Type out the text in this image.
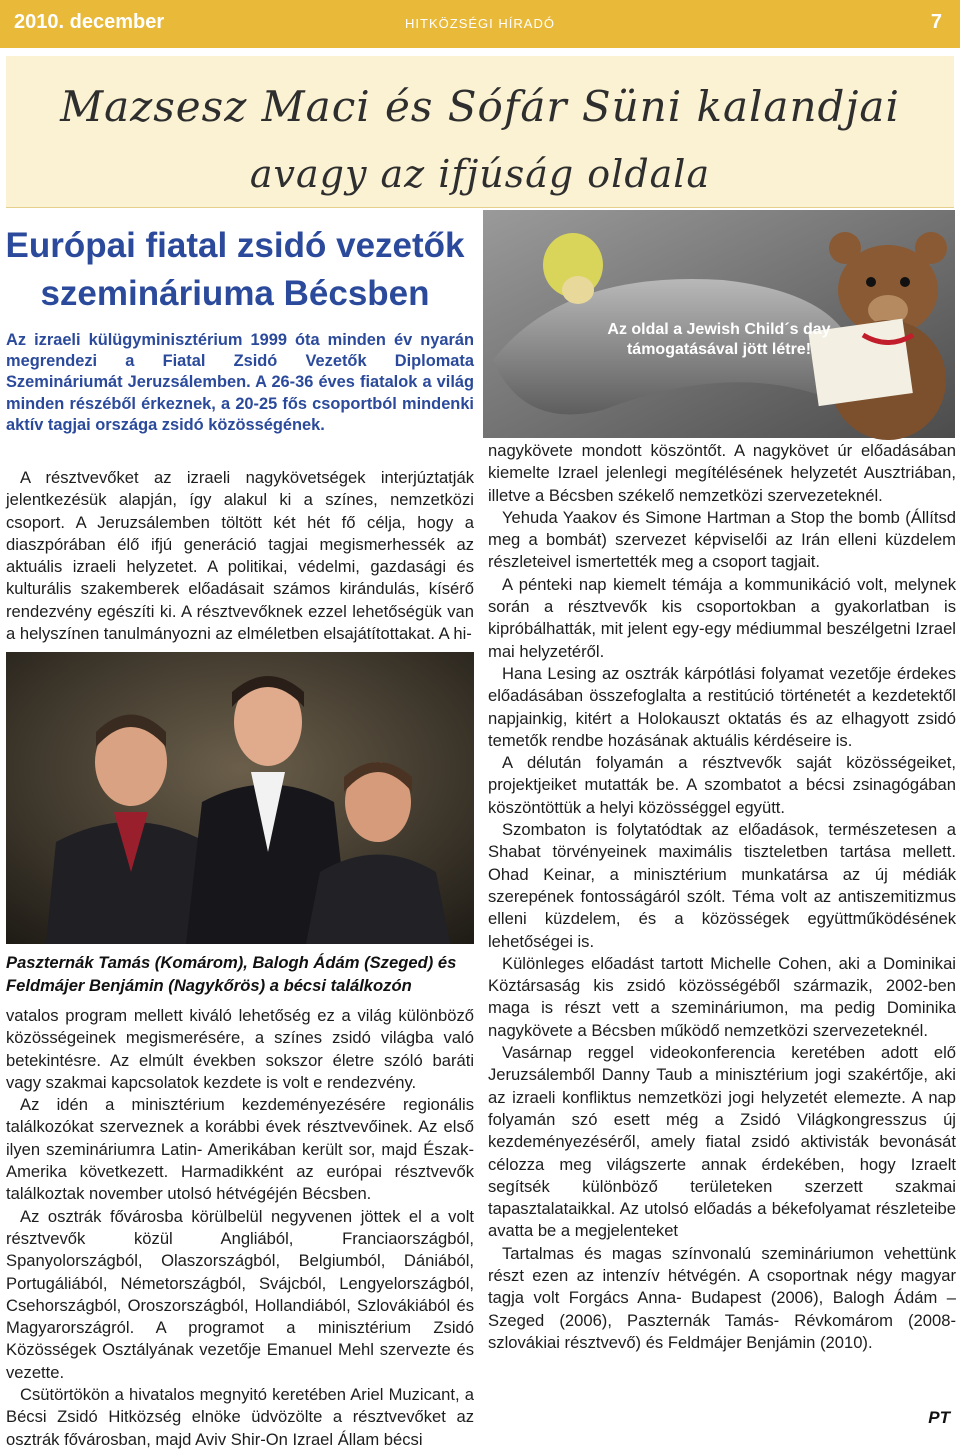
2010. december	HITKÖZSÉGI HÍRADÓ	7
Mazsesz Maci és Sófár Süni kalandjai
avagy az ifjúság oldala
Európai fiatal zsidó vezetők
szemináriuma Bécsben
Az izraeli külügyminisztérium 1999 óta minden év nyarán megrendezi a Fiatal Zsidó Vezetők Diplomata Szemináriumát Jeruzsálemben. A 26-36 éves fiatalok a világ minden részéből érkeznek, a 20-25 fős csoportból mindenki aktív tagjai országa zsidó közösségének.

A résztvevőket az izraeli nagykövetségek interjúztatják jelentkezésük alapján, így alakul ki a színes, nemzetközi csoport. A Jeruzsálemben töltött két hét fő célja, hogy a diaszpórában élő ifjú generáció tagjai megismerhessék az aktuális izraeli helyzetet. A politikai, védelmi, gazdasági és kulturális szakemberek előadásait számos kirándulás, kísérő rendezvény egészíti ki. A résztvevőknek ezzel lehetőségük van a helyszínen tanulmányozni az elméletben elsajátítottakat. A hi-

Paszternák Tamás (Komárom), Balogh Ádám (Szeged) és Feldmájer Benjámin (Nagykőrös) a bécsi találkozón

vatalos program mellett kiváló lehetőség ez a világ különböző közösségeinek megismerésére, a színes zsidó világba való betekintésre. Az elmúlt években sokszor életre szóló baráti vagy szakmai kapcsolatok kezdete is volt e rendezvény.

Az idén a minisztérium kezdeményezésére regionális találkozókat szerveznek a korábbi évek résztvevőinek. Az első ilyen szemináriumra Latin- Amerikában került sor, majd Észak-Amerika következett. Harmadikként az európai résztvevők találkoztak november utolsó hétvégéjén Bécsben.

Az osztrák fővárosba körülbelül negyvenen jöttek el a volt résztvevők közül Angliából, Franciaországból, Spanyolországból, Olaszországból, Belgiumból, Dániából, Portugáliából, Németországból, Svájcból, Lengyelországból, Csehországból, Oroszországból, Hollandiából, Szlovákiából és Magyarországról. A programot a minisztérium Zsidó Közösségek Osztályának vezetője Emanuel Mehl szervezte és vezette.

Csütörtökön a hivatalos megnyitó keretében Ariel Muzicant, a Bécsi Zsidó Hitközség elnöke üdvözölte a résztvevőket az osztrák fővárosban, majd Aviv Shir-On Izrael Állam bécsi

Az oldal a Jewish Child´s day
támogatásával jött létre!

nagykövete mondott köszöntőt. A nagykövet úr előadásában kiemelte Izrael jelenlegi megítélésének helyzetét Ausztriában, illetve a Bécsben székelő nemzetközi szervezeteknél.

Yehuda Yaakov és Simone Hartman a Stop the bomb (Állítsd meg a bombát) szervezet képviselői az Irán elleni küzdelem részleteivel ismertették meg a csoport tagjait.

A pénteki nap kiemelt témája a kommunikáció volt, melynek során a résztvevők kis csoportokban a gyakorlatban is kipróbálhatták, mit jelent egy-egy médiummal beszélgetni Izrael mai helyzetéről.

Hana Lesing az osztrák kárpótlási folyamat vezetője érdekes előadásában összefoglalta a restitúció történetét a kezdetektől napjainkig, kitért a Holokauszt oktatás és az elhagyott zsidó temetők rendbe hozásának aktuális kérdéseire is.

A délután folyamán a résztvevők saját közösségeiket, projektjeiket mutatták be. A szombatot a bécsi zsinagógában köszöntöttük a helyi közösséggel együtt.

Szombaton is folytatódtak az előadások, természetesen a Shabat törvényeinek maximális tiszteletben tartása mellett. Ohad Keinar, a minisztérium munkatársa az új médiák szerepének fontosságáról szólt. Téma volt az antiszemitizmus elleni küzdelem, és a közösségek együttműködésének lehetőségei is.

Különleges előadást tartott Michelle Cohen, aki a Dominikai Köztársaság kis zsidó közösségéből származik, 2002-ben maga is részt vett a szemináriumon, ma pedig Dominika nagykövete a Bécsben működő nemzetközi szervezeteknél.

Vasárnap reggel videokonferencia keretében adott elő Jeruzsálemből Danny Taub a minisztérium jogi szakértője, aki az izraeli konfliktus nemzetközi jogi helyzetét elemezte. A nap folyamán szó esett még a Zsidó Világkongresszus új kezdeményezéséről, amely fiatal zsidó aktivisták bevonását célozza meg világszerte annak érdekében, hogy Izraelt segítsék különböző területeken szerzett szakmai tapasztalataikkal. Az utolsó előadás a békefolyamat részleteibe avatta be a megjelenteket

Tartalmas és magas színvonalú szemináriumon vehettünk részt ezen az intenzív hétvégén. A csoportnak négy magyar tagja volt Forgács Anna- Budapest (2006), Balogh Ádám – Szeged (2006), Paszternák Tamás- Révkomárom (2008- szlovákiai résztvevő) és Feldmájer Benjámin (2010).

PT
